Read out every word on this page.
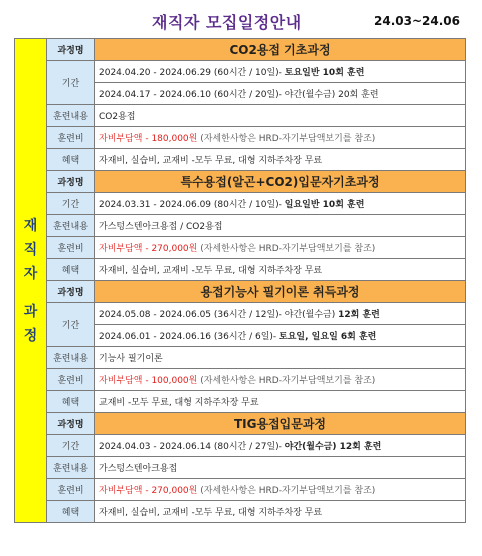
재직자 모집일정안내	24.03~24.06
재
직
자
과
정	과정명	CO2용접 기초과정
	기간	2024.04.20 - 2024.06.29 (60시간 / 10일)- 토요일반 10회 훈련
		2024.04.17 - 2024.06.10 (60시간 / 20일)- 야간(월수금) 20회 훈련
	훈련내용	CO2용접
	훈련비	자비부담액 - 180,000원 (자세한사항은 HRD-자기부담액보기를 참조)
	혜택	자재비, 실습비, 교재비 -모두 무료, 대형 지하주차장 무료
	과정명	특수용접(알곤+CO2)입문자기초과정
	기간	2024.03.31 - 2024.06.09 (80시간 / 10일)- 일요일반 10회 훈련
	훈련내용	가스텅스텐아크용접 / CO2용접
	훈련비	자비부담액 - 270,000원 (자세한사항은 HRD-자기부담액보기를 참조)
	혜택	자재비, 실습비, 교재비 -모두 무료, 대형 지하주차장 무료
	과정명	용접기능사 필기이론 취득과정
	기간	2024.05.08 - 2024.06.05 (36시간 / 12일)- 야간(월수금) 12회 훈련
		2024.06.01 - 2024.06.16 (36시간 / 6일)- 토요일, 일요일 6회 훈련
	훈련내용	기능사 필기이론
	훈련비	자비부담액 - 100,000원 (자세한사항은 HRD-자기부담액보기를 참조)
	혜택	교재비 -모두 무료, 대형 지하주차장 무료
	과정명	TIG용접입문과정
	기간	2024.04.03 - 2024.06.14 (80시간 / 27일)- 야간(월수금) 12회 훈련
	훈련내용	가스텅스텐아크용접
	훈련비	자비부담액 - 270,000원 (자세한사항은 HRD-자기부담액보기를 참조)
	혜택	자재비, 실습비, 교재비 -모두 무료, 대형 지하주차장 무료
